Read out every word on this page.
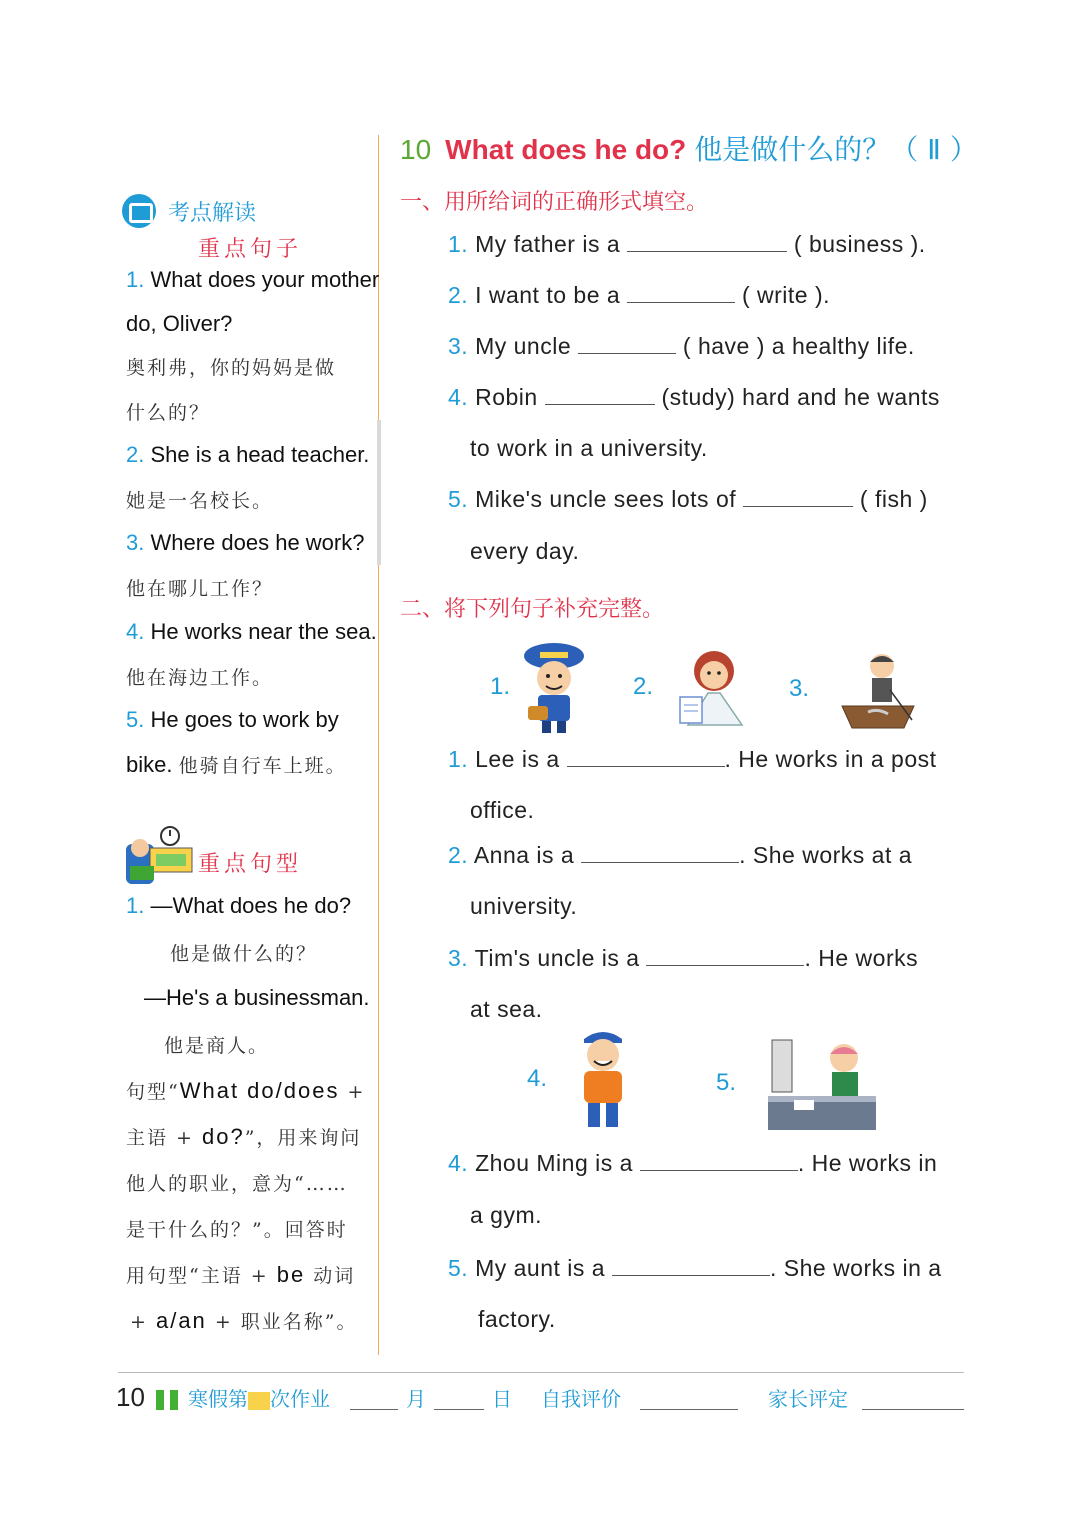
考点解读
重点句子
1. What does your mother
do, Oliver?
奥利弗，你的妈妈是做
什么的？
2. She is a head teacher.
她是一名校长。
3. Where does he work?
他在哪儿工作？
4. He works near the sea.
他在海边工作。
5. He goes to work by
bike. 他骑自行车上班。
重点句型
1. —What does he do?
他是做什么的？
—He's a businessman.
他是商人。
句型“What do/does +
主语 + do?”，用来询问
他人的职业，意为“……
是干什么的？”。回答时
用句型“主语 + be 动词
+ a/an + 职业名称”。
10 What does he do? 他是做什么的？（ Ⅱ ）
一、用所给词的正确形式填空。
1. My father is a	( business ).
2. I want to be a	( write ).
3. My uncle	( have ) a healthy life.
4. Robin	(study) hard and he wants
to work in a university.
5. Mike's uncle sees lots of	( fish )
every day.
二、将下列句子补充完整。
1.	2.	3.
1. Lee is a	. He works in a post
office.
2. Anna is a	. She works at a
university.
3. Tim's uncle is a	. He works
at sea.
4.	5.
4. Zhou Ming is a	. He works in
a gym.
5. My aunt is a	. She works in a
factory.
10 寒假第 次作业	月	日 自我评价	家长评定
